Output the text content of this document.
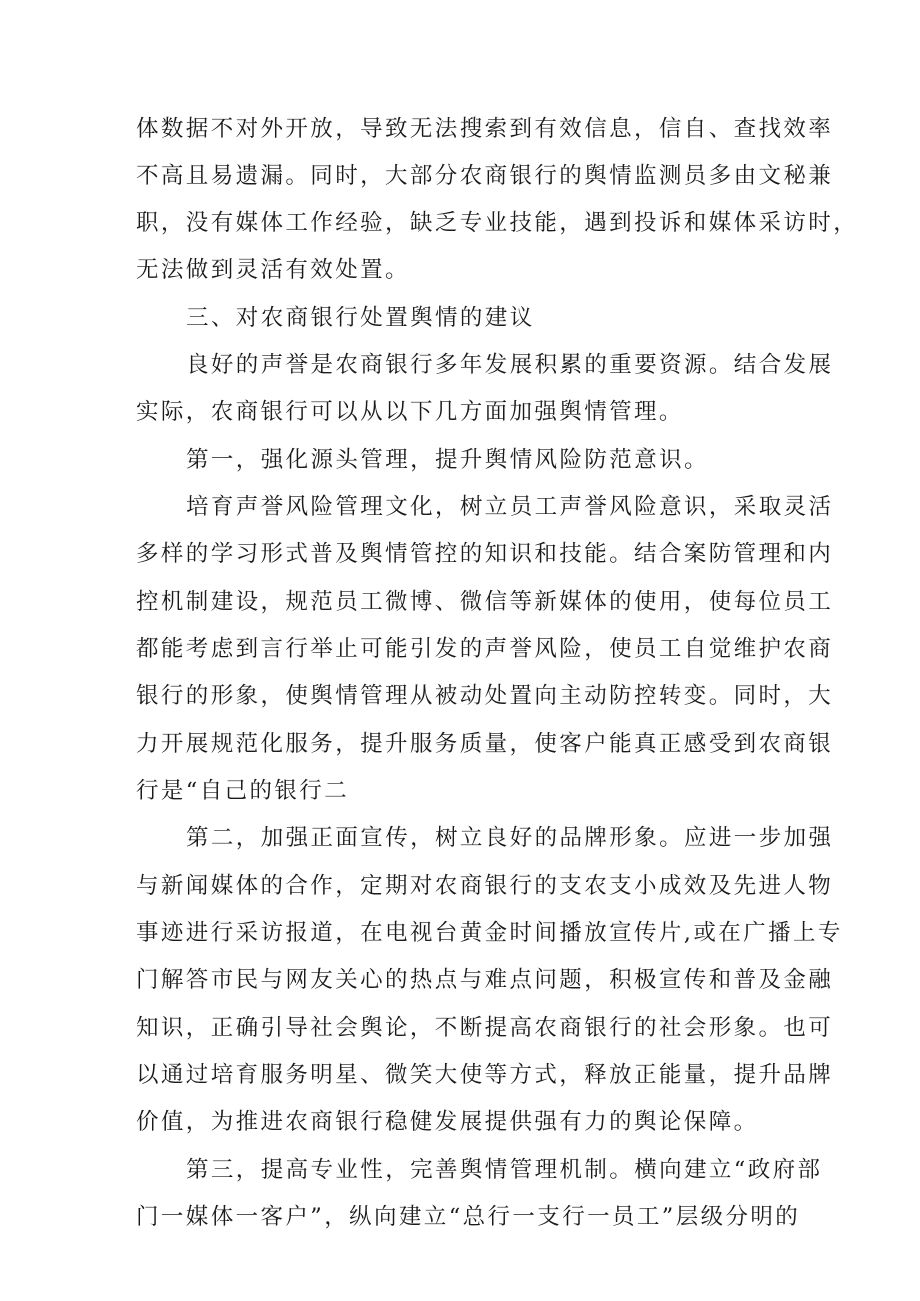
体数据不对外开放，导致无法搜索到有效信息，信自、查找效率
不高且易遗漏。同时，大部分农商银行的舆情监测员多由文秘兼
职，没有媒体工作经验，缺乏专业技能，遇到投诉和媒体采访时，
无法做到灵活有效处置。
三、对农商银行处置舆情的建议
良好的声誉是农商银行多年发展积累的重要资源。结合发展
实际，农商银行可以从以下几方面加强舆情管理。
第一，强化源头管理，提升舆情风险防范意识。
培育声誉风险管理文化，树立员工声誉风险意识，采取灵活
多样的学习形式普及舆情管控的知识和技能。结合案防管理和内
控机制建设，规范员工微博、微信等新媒体的使用，使每位员工
都能考虑到言行举止可能引发的声誉风险，使员工自觉维护农商
银行的形象，使舆情管理从被动处置向主动防控转变。同时，大
力开展规范化服务，提升服务质量，使客户能真正感受到农商银
行是“自己的银行二
第二，加强正面宣传，树立良好的品牌形象。应进一步加强
与新闻媒体的合作，定期对农商银行的支农支小成效及先进人物
事迹进行采访报道，在电视台黄金时间播放宣传片,或在广播上专
门解答市民与网友关心的热点与难点问题，积极宣传和普及金融
知识，正确引导社会舆论，不断提高农商银行的社会形象。也可
以通过培育服务明星、微笑大使等方式，释放正能量，提升品牌
价值，为推进农商银行稳健发展提供强有力的舆论保障。
第三，提高专业性，完善舆情管理机制。横向建立“政府部
门一媒体一客户”，纵向建立“总行一支行一员工”层级分明的
